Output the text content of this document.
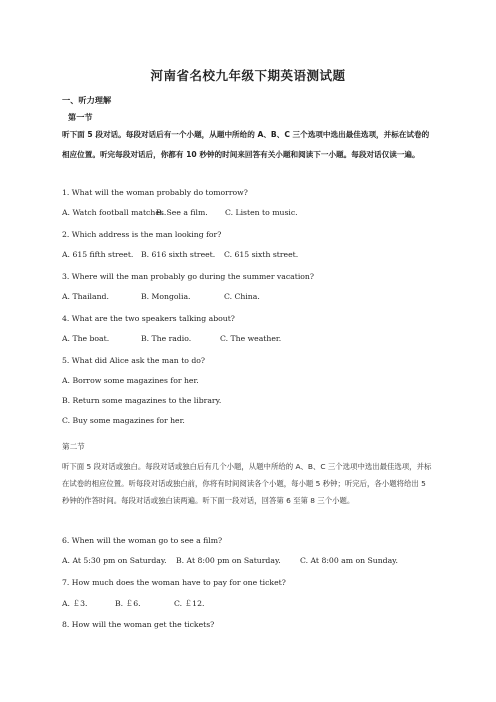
河南省名校九年级下期英语测试题
一、听力理解
第一节
听下面 5 段对话。每段对话后有一个小题，从题中所给的 A、B、C 三个选项中选出最佳选项，并标在试卷的相应位置。听完每段对话后，你都有 10 秒钟的时间来回答有关小题和阅读下一小题。每段对话仅读一遍。
1. What will the woman probably do tomorrow?
A. Watch football matches.
B. See a film.	C. Listen to music.
2. Which address is the man looking for?
A. 615 fifth street. B. 616 sixth street.	C. 615 sixth street.
3. Where will the man probably go during the summer vacation?
A. Thailand.	B. Mongolia.	C. China.
4. What are the two speakers talking about?
A. The boat.	B. The radio.	C. The weather.
5. What did Alice ask the man to do?
A. Borrow some magazines for her.
B. Return some magazines to the library.
C. Buy some magazines for her.
第二节
听下面 5 段对话或独白。每段对话或独白后有几个小题，从题中所给的 A、B、C 三个选项中选出最佳选项，并标在试卷的相应位置。听每段对话或独白前，你将有时间阅读各个小题，每小题 5 秒钟；听完后，各小题将给出 5 秒钟的作答时间。每段对话或独白读两遍。听下面一段对话，回答第 6 至第 8 三个小题。
6. When will the woman go to see a film?
A. At 5:30 pm on Saturday.	B. At 8:00 pm on Saturday.	C. At 8:00 am on Sunday.
7. How much does the woman have to pay for one ticket?
A. ￡3.	B. ￡6.	C. ￡12.
8. How will the woman get the tickets?
